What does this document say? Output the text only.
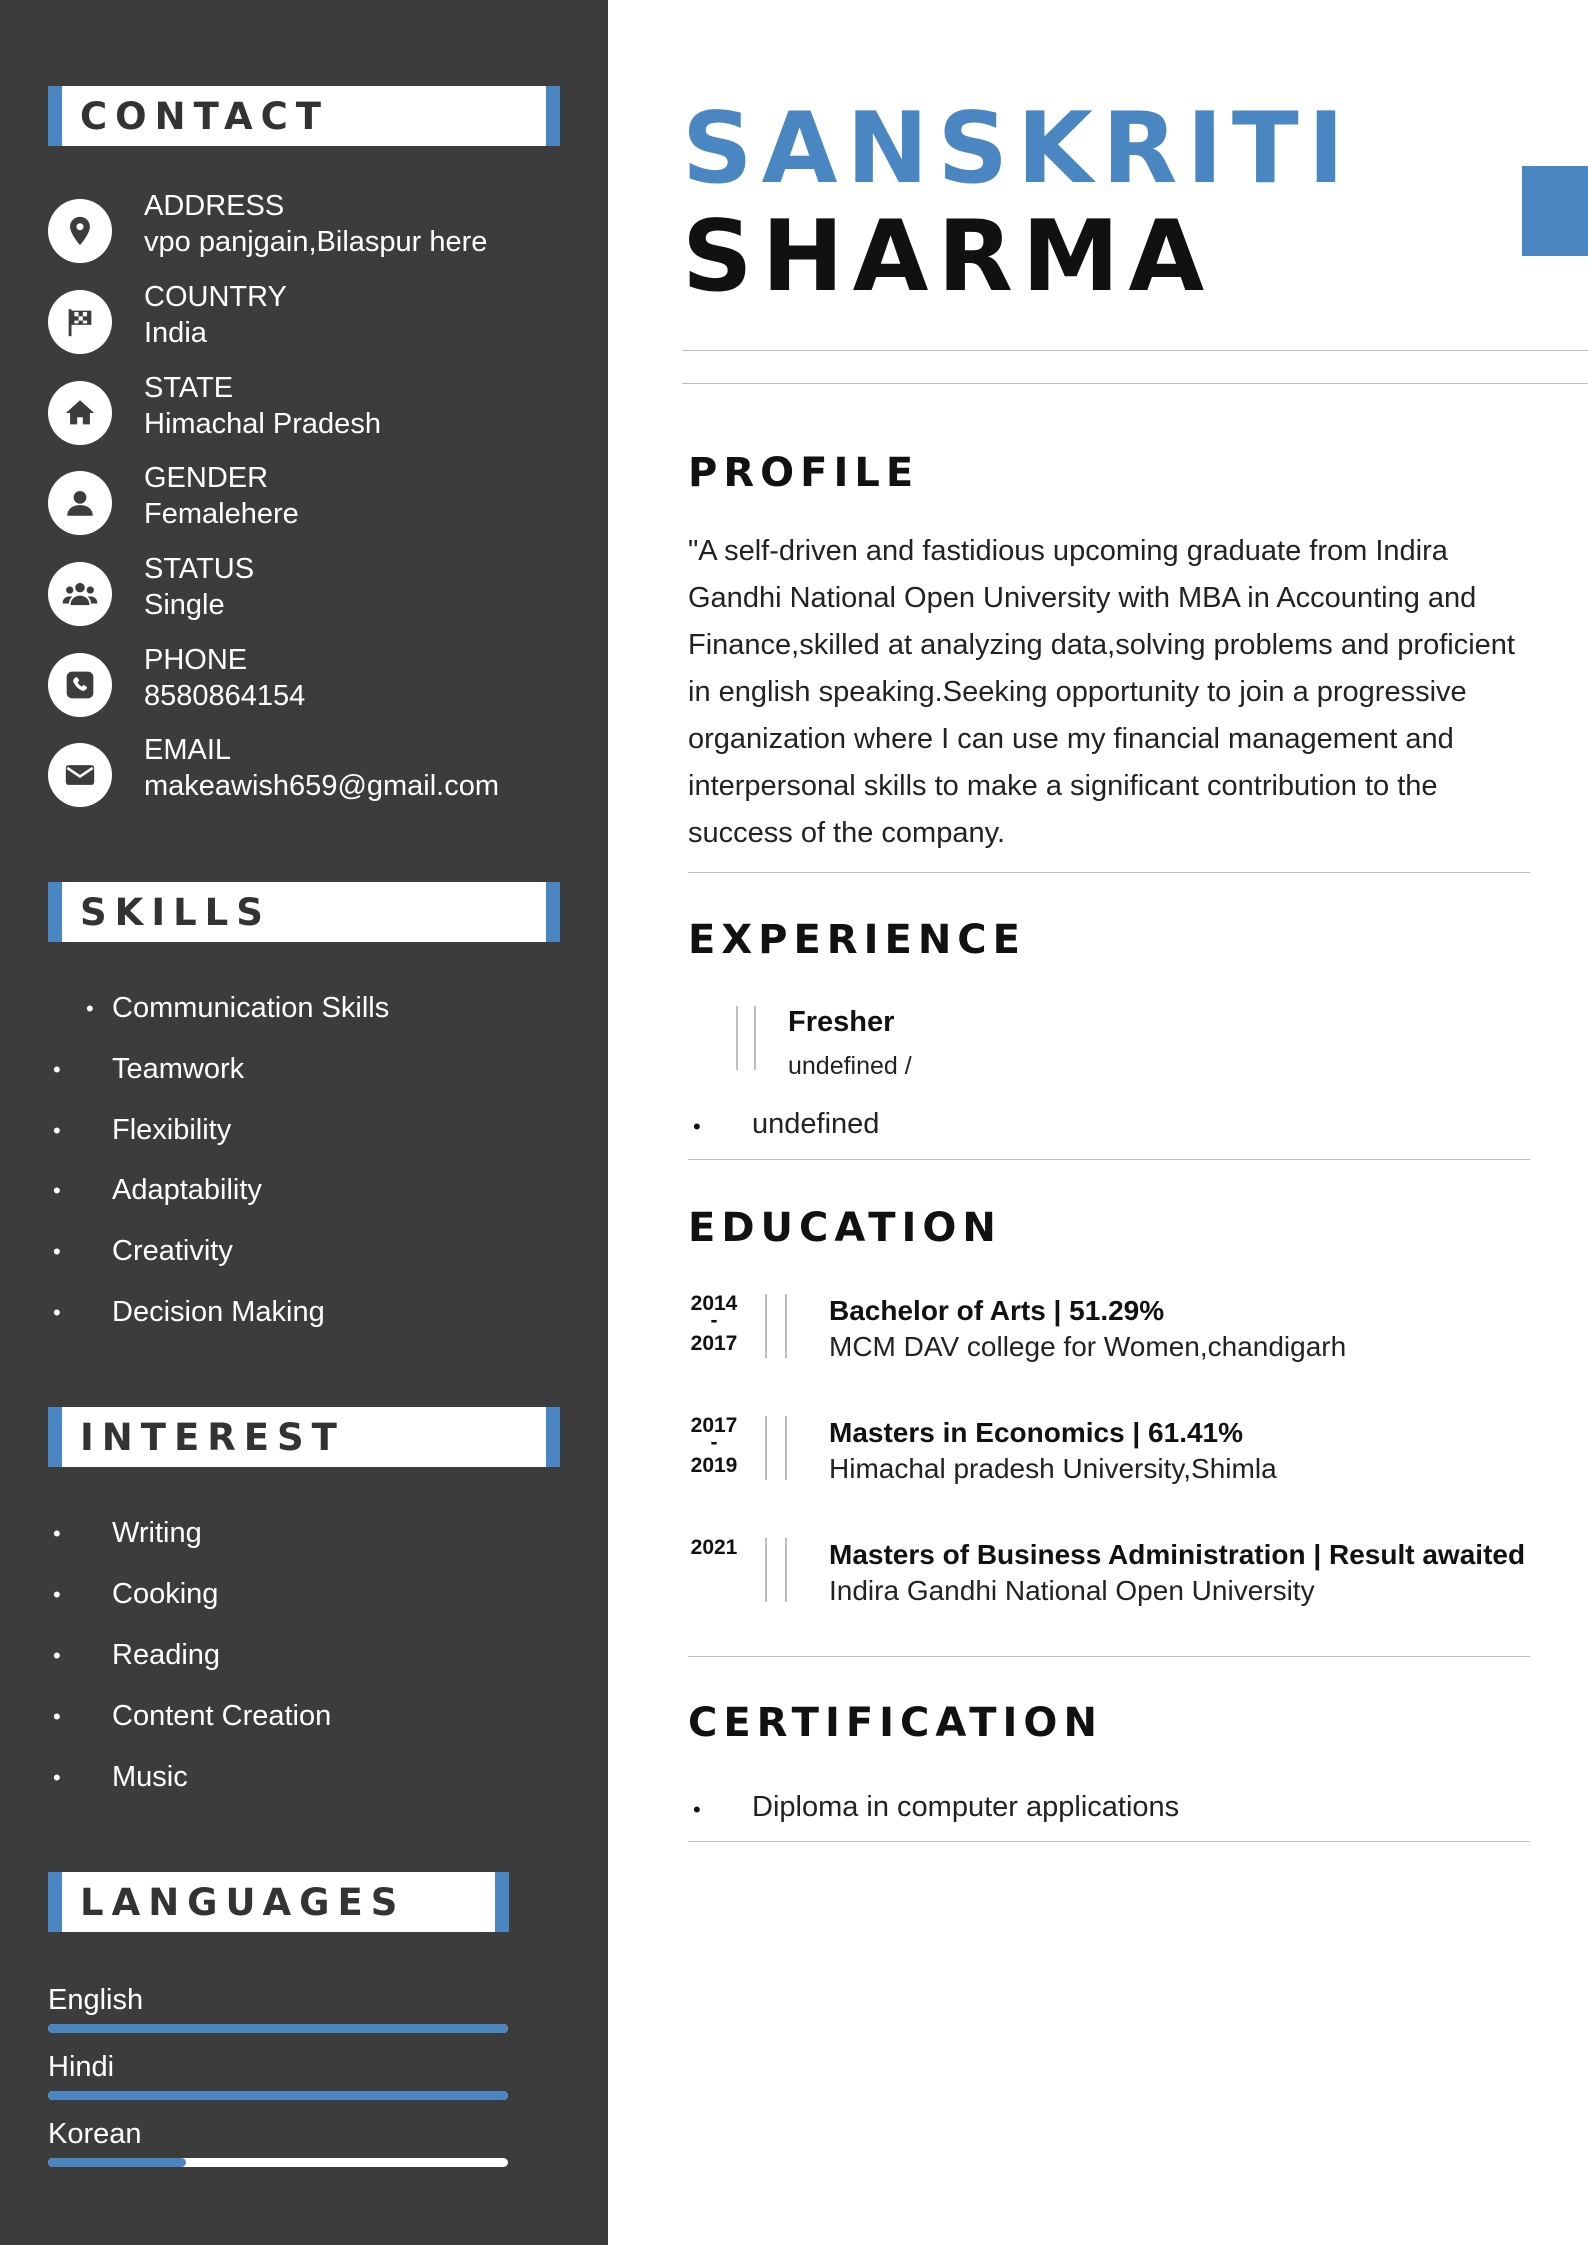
CONTACT
ADDRESS
vpo panjgain,Bilaspur here
COUNTRY
India
STATE
Himachal Pradesh
GENDER
Femalehere
STATUS
Single
PHONE
8580864154
EMAIL
makeawish659@gmail.com
SKILLS
• Communication Skills
• Teamwork
• Flexibility
• Adaptability
• Creativity
• Decision Making
INTEREST
• Writing
• Cooking
• Reading
• Content Creation
• Music
LANGUAGES
English
Hindi
Korean
SANSKRITI
SHARMA
PROFILE
"A self-driven and fastidious upcoming graduate from Indira Gandhi National Open University with MBA in Accounting and Finance,skilled at analyzing data,solving problems and proficient in english speaking.Seeking opportunity to join a progressive organization where I can use my financial management and interpersonal skills to make a significant contribution to the success of the company.
EXPERIENCE
Fresher
undefined /
• undefined
EDUCATION
2014
-
2017
Bachelor of Arts | 51.29%
MCM DAV college for Women,chandigarh
2017
-
2019
Masters in Economics | 61.41%
Himachal pradesh University,Shimla
2021	Masters of Business Administration | Result awaited
Indira Gandhi National Open University
CERTIFICATION
• Diploma in computer applications
